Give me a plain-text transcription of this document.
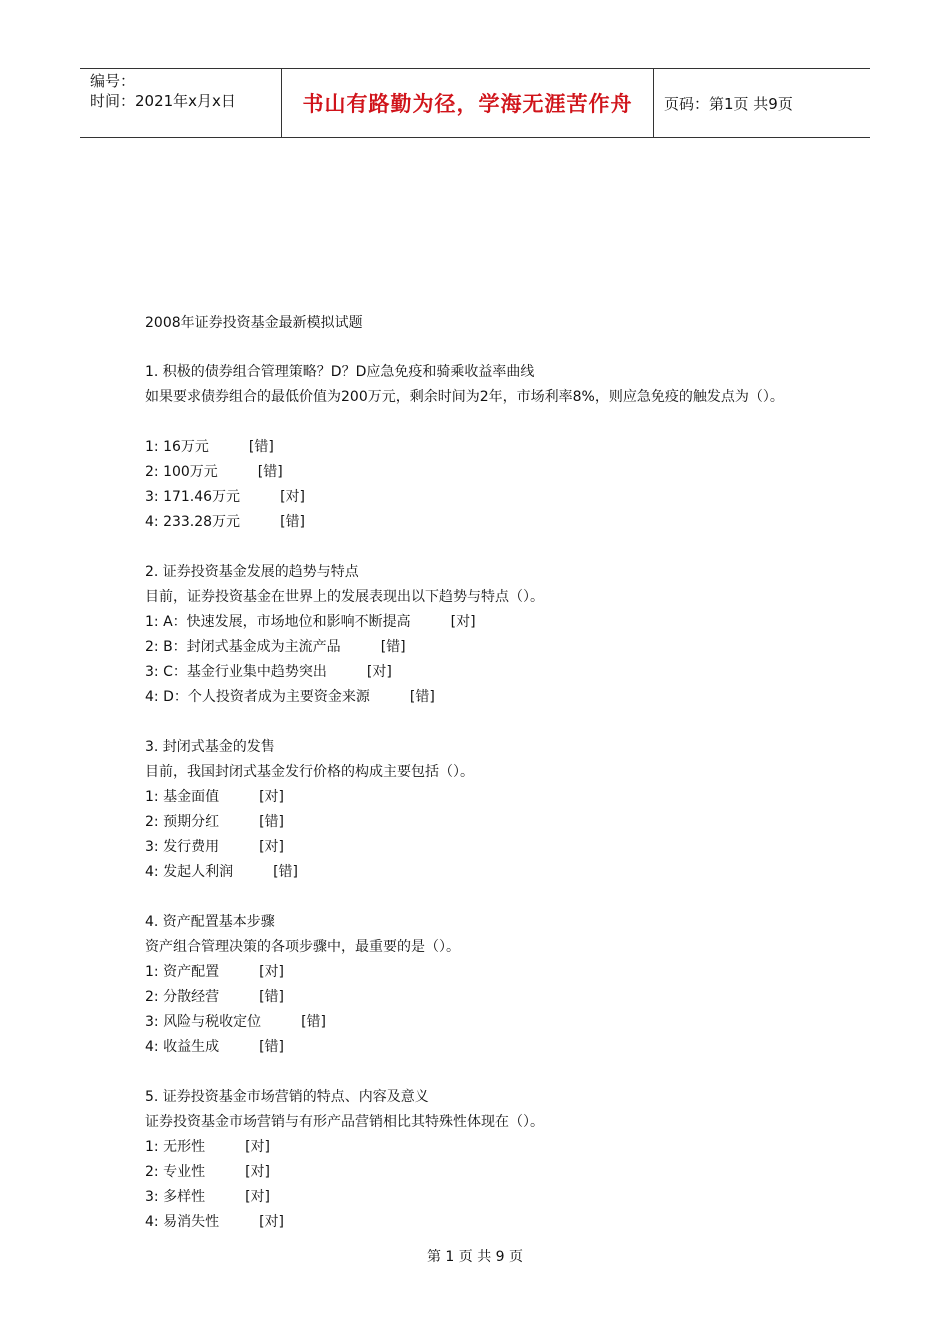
编号：
时间：2021年x月x日	书山有路勤为径，学海无涯苦作舟	页码：第1页 共9页
2008年证券投资基金最新模拟试题
1. 积极的债券组合管理策略？D？D应急免疫和骑乘收益率曲线
如果要求债券组合的最低价值为200万元，剩余时间为2年，市场利率8%，则应急免疫的触发点为（）。
1: 16万元	[错]
2: 100万元	[错]
3: 171.46万元	[对]
4: 233.28万元	[错]
2. 证券投资基金发展的趋势与特点
目前，证券投资基金在世界上的发展表现出以下趋势与特点（）。
1: A：快速发展，市场地位和影响不断提高	[对]
2: B：封闭式基金成为主流产品	[错]
3: C：基金行业集中趋势突出	[对]
4: D：个人投资者成为主要资金来源	[错]
3. 封闭式基金的发售
目前，我国封闭式基金发行价格的构成主要包括（）。
1: 基金面值	[对]
2: 预期分红	[错]
3: 发行费用	[对]
4: 发起人利润	[错]
4. 资产配置基本步骤
资产组合管理决策的各项步骤中，最重要的是（）。
1: 资产配置	[对]
2: 分散经营	[错]
3: 风险与税收定位	[错]
4: 收益生成	[错]
5. 证券投资基金市场营销的特点、内容及意义
证券投资基金市场营销与有形产品营销相比其特殊性体现在（）。
1: 无形性	[对]
2: 专业性	[对]
3: 多样性	[对]
4: 易消失性	[对]
第 1 页 共 9 页
